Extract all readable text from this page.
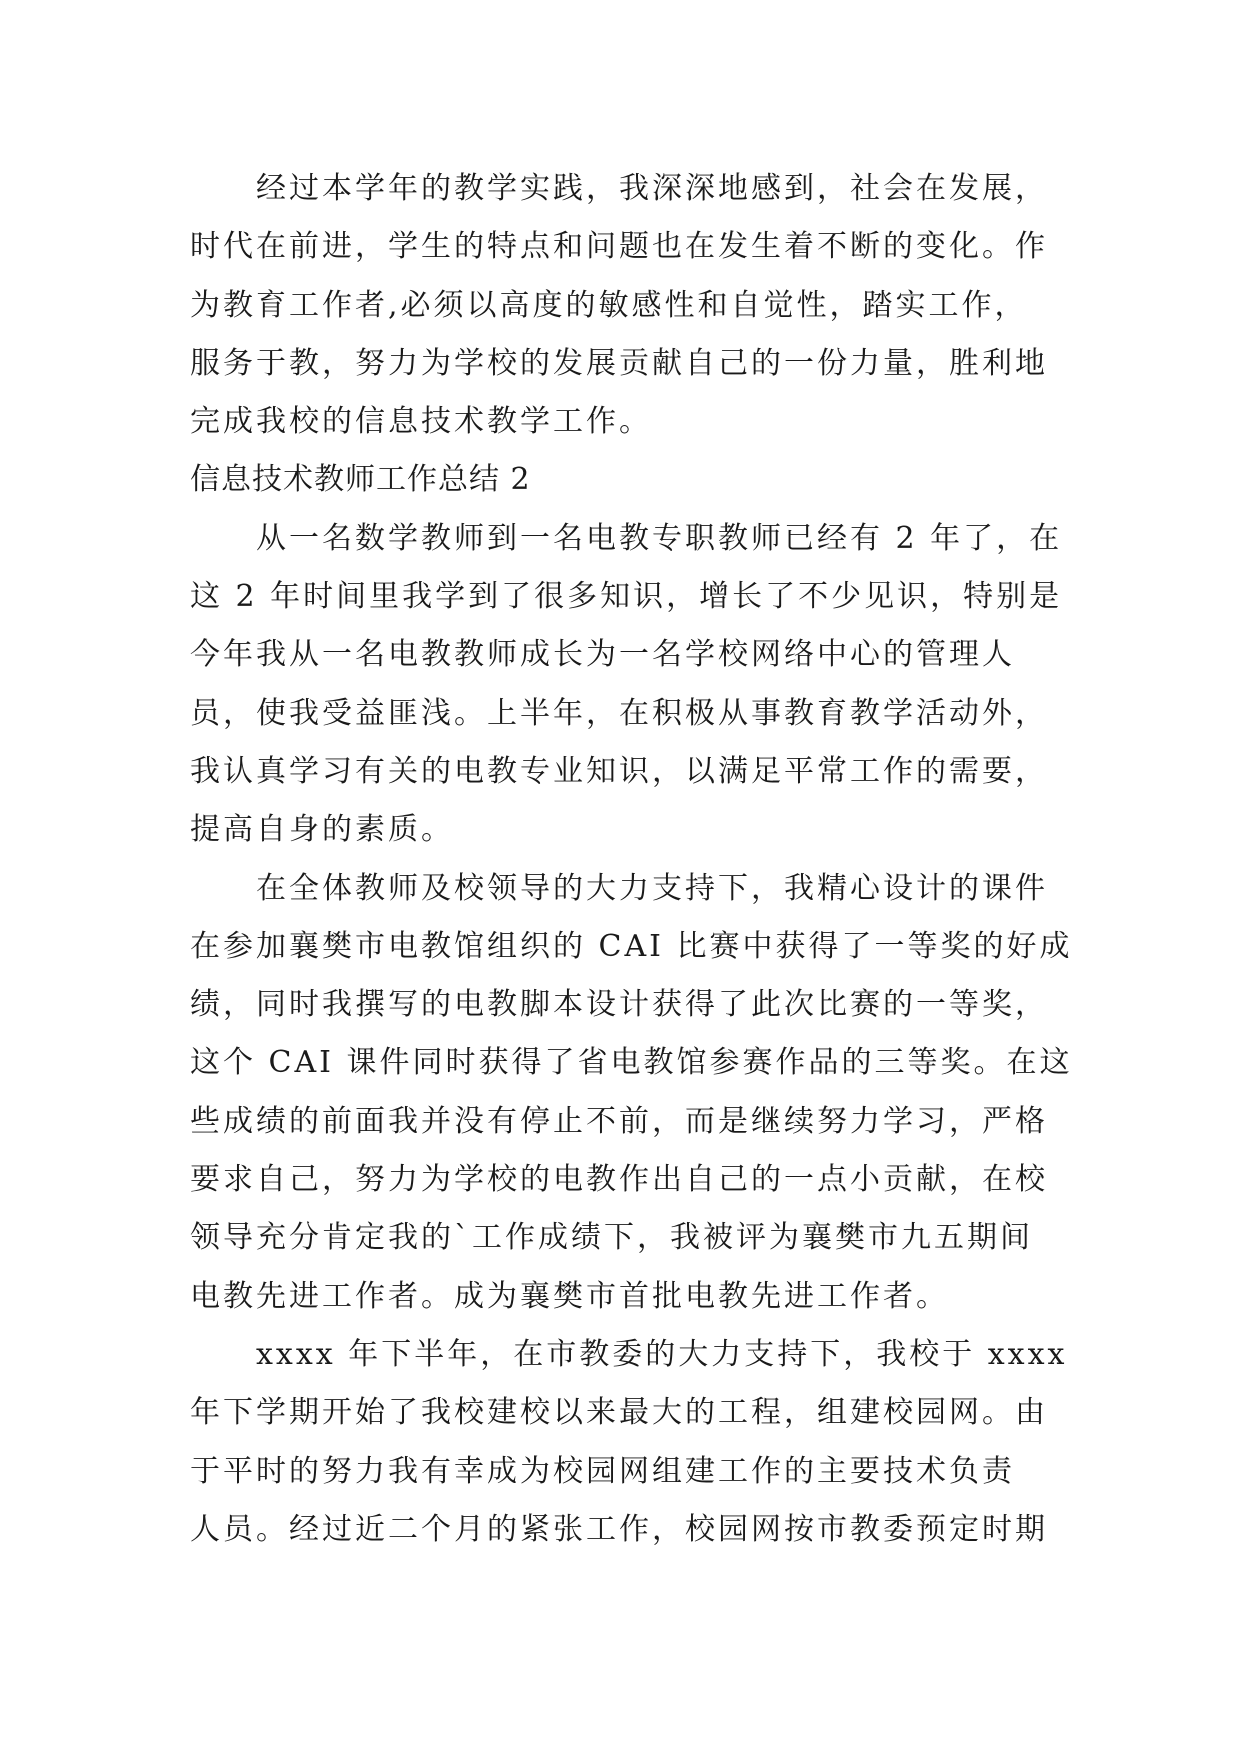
经过本学年的教学实践，我深深地感到，社会在发展，
时代在前进，学生的特点和问题也在发生着不断的变化。作
为教育工作者,必须以高度的敏感性和自觉性，踏实工作，
服务于教，努力为学校的发展贡献自己的一份力量，胜利地
完成我校的信息技术教学工作。
信息技术教师工作总结 2
从一名数学教师到一名电教专职教师已经有 2 年了，在
这 2 年时间里我学到了很多知识，增长了不少见识，特别是
今年我从一名电教教师成长为一名学校网络中心的管理人
员，使我受益匪浅。上半年，在积极从事教育教学活动外，
我认真学习有关的电教专业知识，以满足平常工作的需要，
提高自身的素质。
在全体教师及校领导的大力支持下，我精心设计的课件
在参加襄樊市电教馆组织的 CAI 比赛中获得了一等奖的好成
绩，同时我撰写的电教脚本设计获得了此次比赛的一等奖，
这个 CAI 课件同时获得了省电教馆参赛作品的三等奖。在这
些成绩的前面我并没有停止不前，而是继续努力学习，严格
要求自己，努力为学校的电教作出自己的一点小贡献，在校
领导充分肯定我的`工作成绩下，我被评为襄樊市九五期间
电教先进工作者。成为襄樊市首批电教先进工作者。
xxxx 年下半年，在市教委的大力支持下，我校于 xxxx
年下学期开始了我校建校以来最大的工程，组建校园网。由
于平时的努力我有幸成为校园网组建工作的主要技术负责
人员。经过近二个月的紧张工作，校园网按市教委预定时期
